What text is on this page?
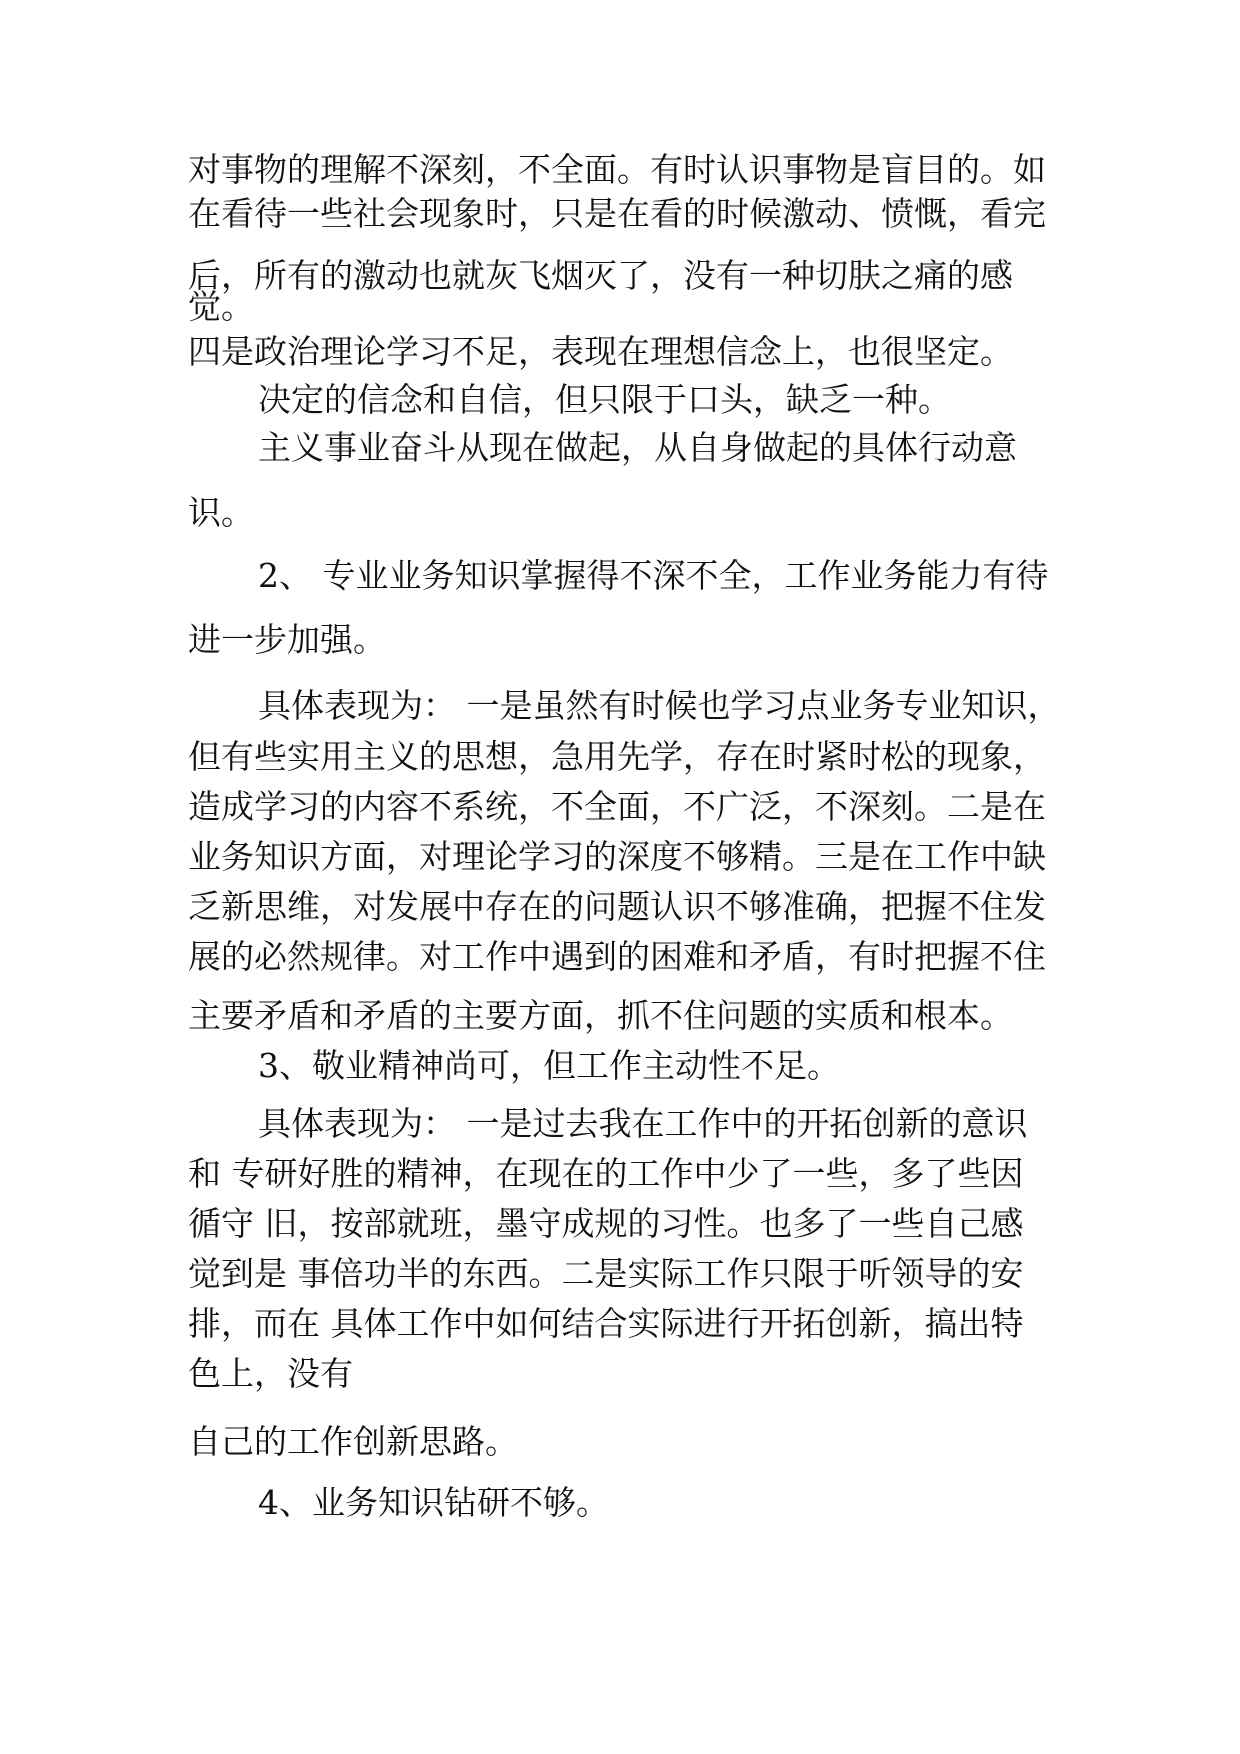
对事物的理解不深刻，不全面。有时认识事物是盲目的。如

在看待一些社会现象时，只是在看的时候激动、愤慨，看完

后，所有的激动也就灰飞烟灭了，没有一种切肤之痛的感

觉。

四是政治理论学习不足，表现在理想信念上，也很坚定。

决定的信念和自信，但只限于口头，缺乏一种。

主义事业奋斗从现在做起，从自身做起的具体行动意

识。

2、 专业业务知识掌握得不深不全，工作业务能力有待

进一步加强。

具体表现为： 一是虽然有时候也学习点业务专业知识，

但有些实用主义的思想，急用先学，存在时紧时松的现象，

造成学习的内容不系统，不全面，不广泛，不深刻。二是在

业务知识方面，对理论学习的深度不够精。三是在工作中缺

乏新思维，对发展中存在的问题认识不够准确，把握不住发

展的必然规律。对工作中遇到的困难和矛盾，有时把握不住

主要矛盾和矛盾的主要方面，抓不住问题的实质和根本。

3、敬业精神尚可，但工作主动性不足。

具体表现为： 一是过去我在工作中的开拓创新的意识

和 专研好胜的精神，在现在的工作中少了一些，多了些因

循守 旧，按部就班，墨守成规的习性。也多了一些自己感

觉到是 事倍功半的东西。二是实际工作只限于听领导的安

排，而在 具体工作中如何结合实际进行开拓创新，搞出特

色上，没有

自己的工作创新思路。

4、业务知识钻研不够。
